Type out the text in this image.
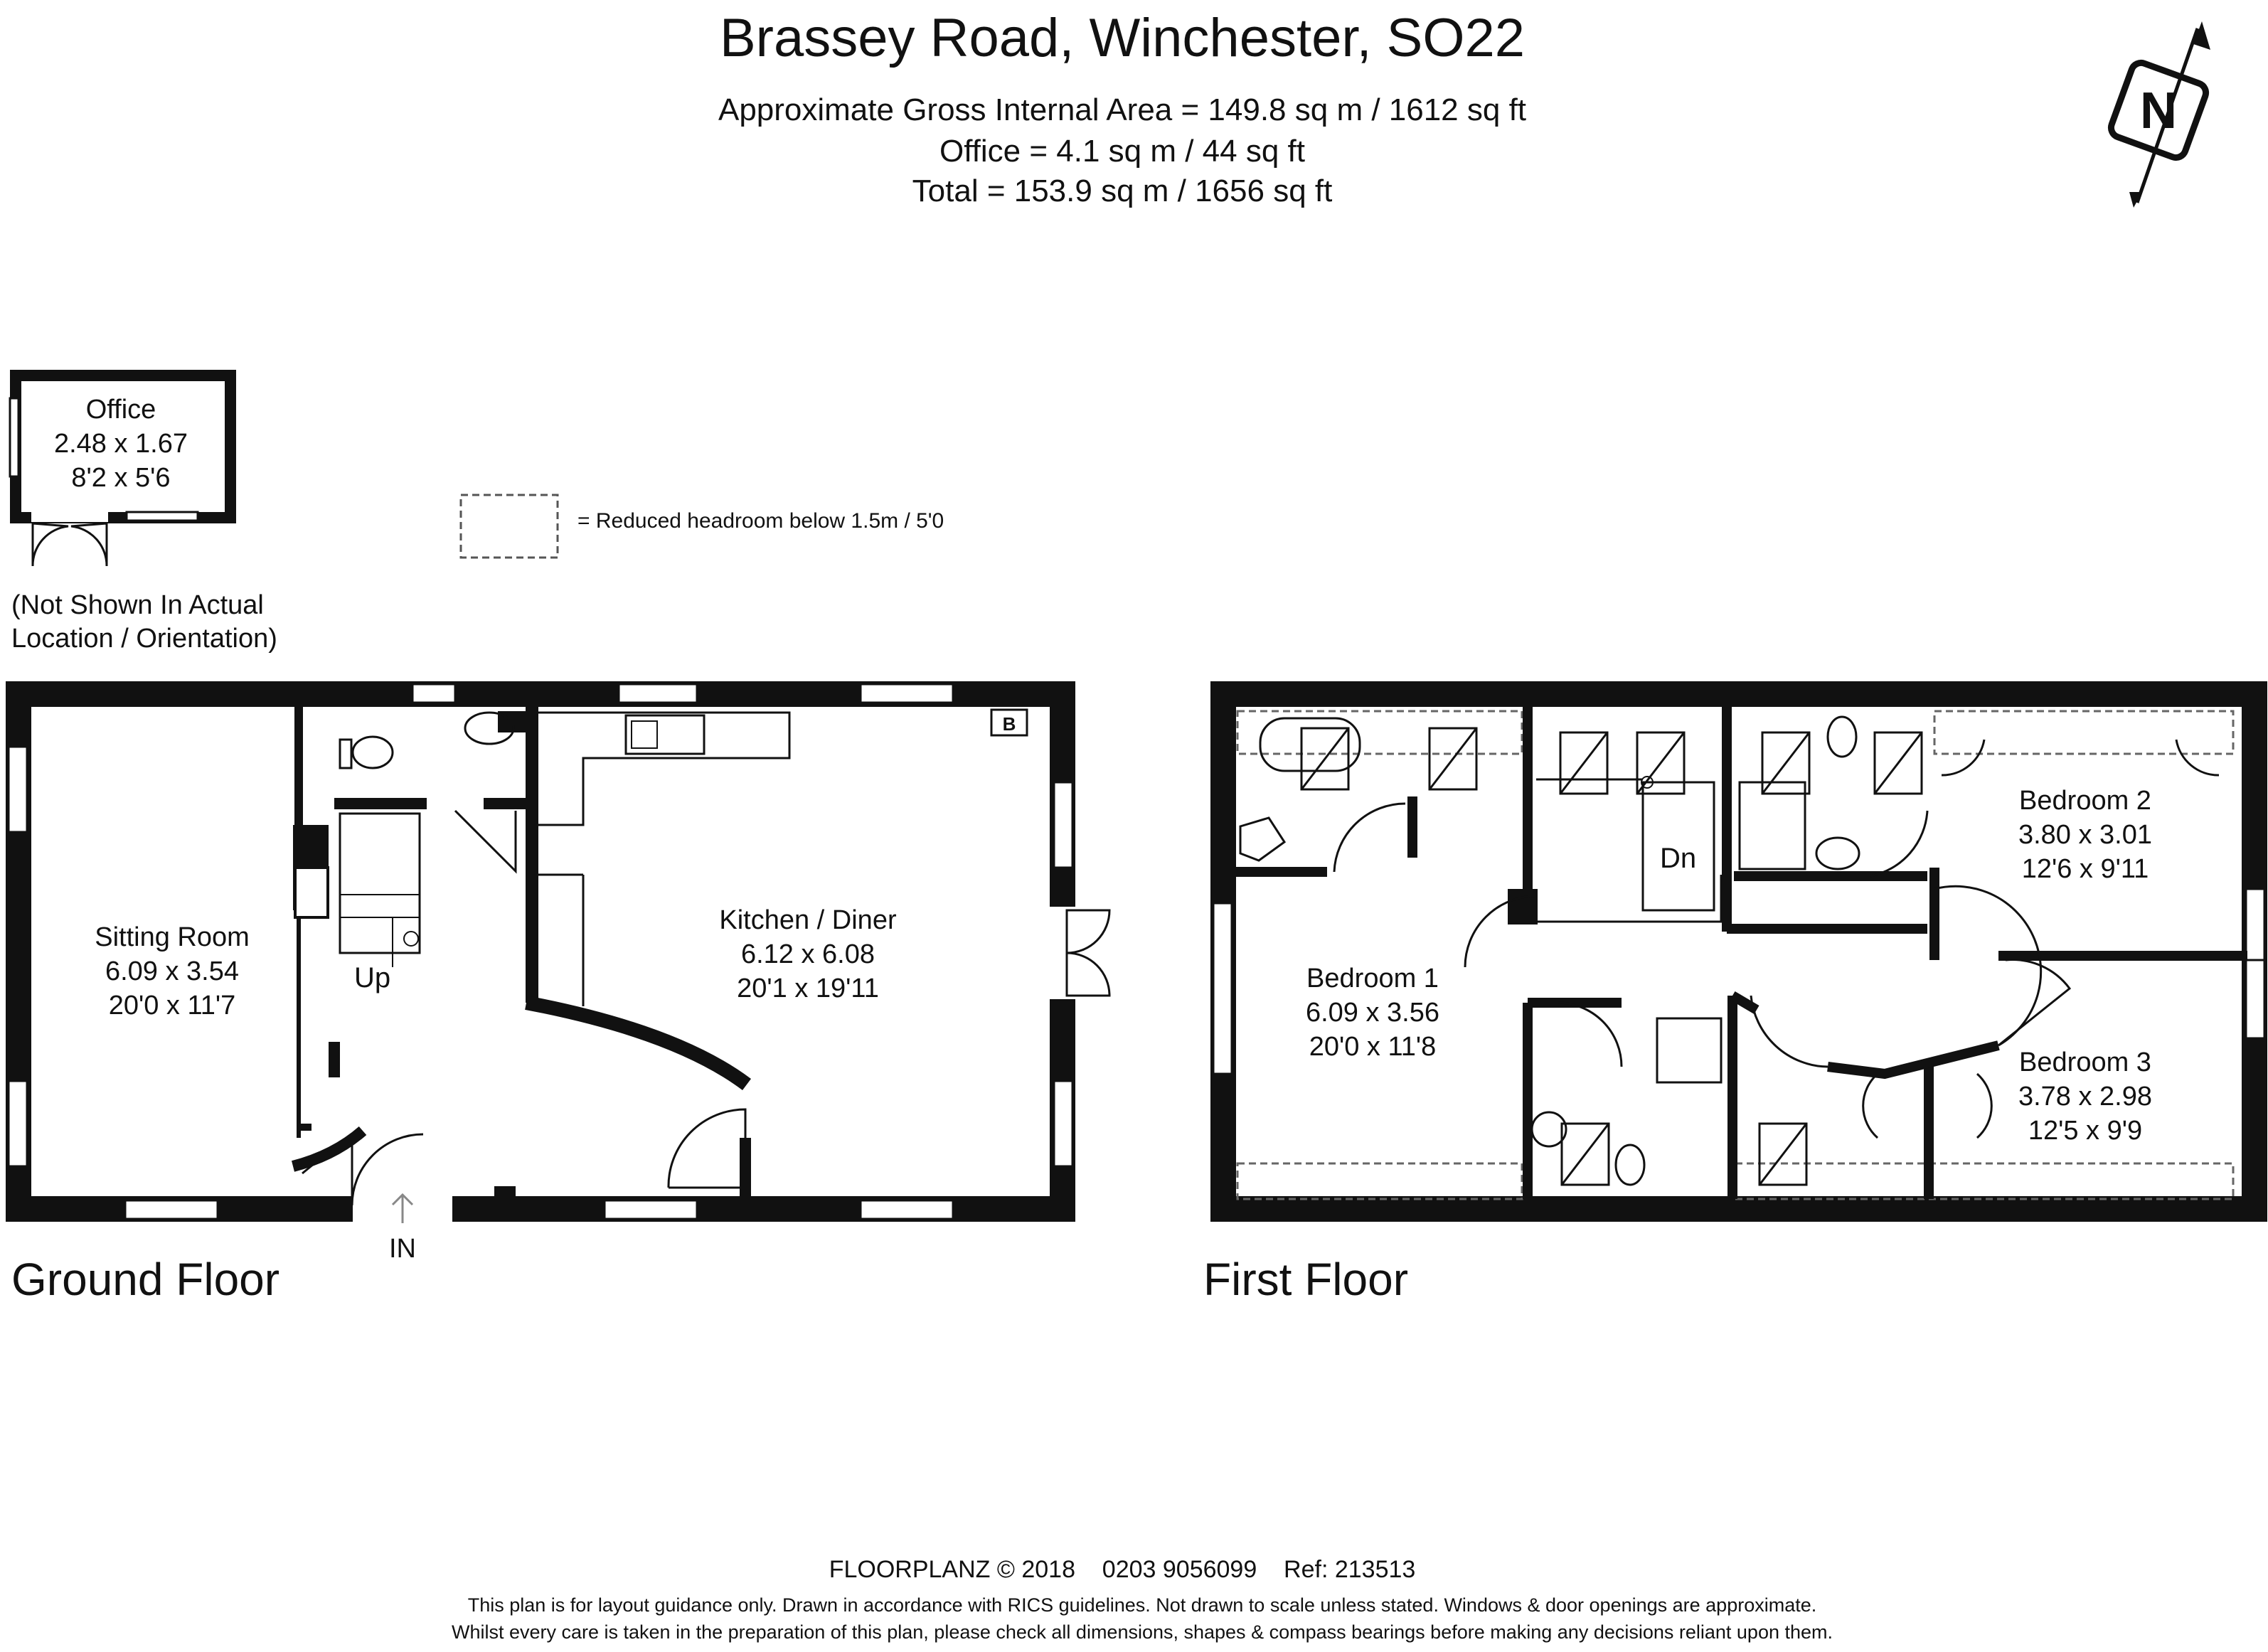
Brassey Road, Winchester, SO22
Approximate Gross Internal Area = 149.8 sq m / 1612 sq ft
Office = 4.1 sq m / 44 sq ft
Total = 153.9 sq m / 1656 sq ft
(Not Shown In Actual
Location / Orientation)
= Reduced headroom below 1.5m / 5'0
Ground Floor	First Floor
FLOORPLANZ © 2018 0203 9056099 Ref: 213513
This plan is for layout guidance only. Drawn in accordance with RICS guidelines. Not drawn to scale unless stated. Windows & door openings are approximate.
Whilst every care is taken in the preparation of this plan, please check all dimensions, shapes & compass bearings before making any decisions reliant upon them.
N
Office
2.48 x 1.67
8'2 x 5'6
B
Up
IN
Sitting Room
6.09 x 3.54
20'0 x 11'7
Kitchen / Diner
6.12 x 6.08
20'1 x 19'11
Dn
Bedroom 1
6.09 x 3.56
20'0 x 11'8
Bedroom 2
3.80 x 3.01
12'6 x 9'11
Bedroom 3
3.78 x 2.98
12'5 x 9'9
